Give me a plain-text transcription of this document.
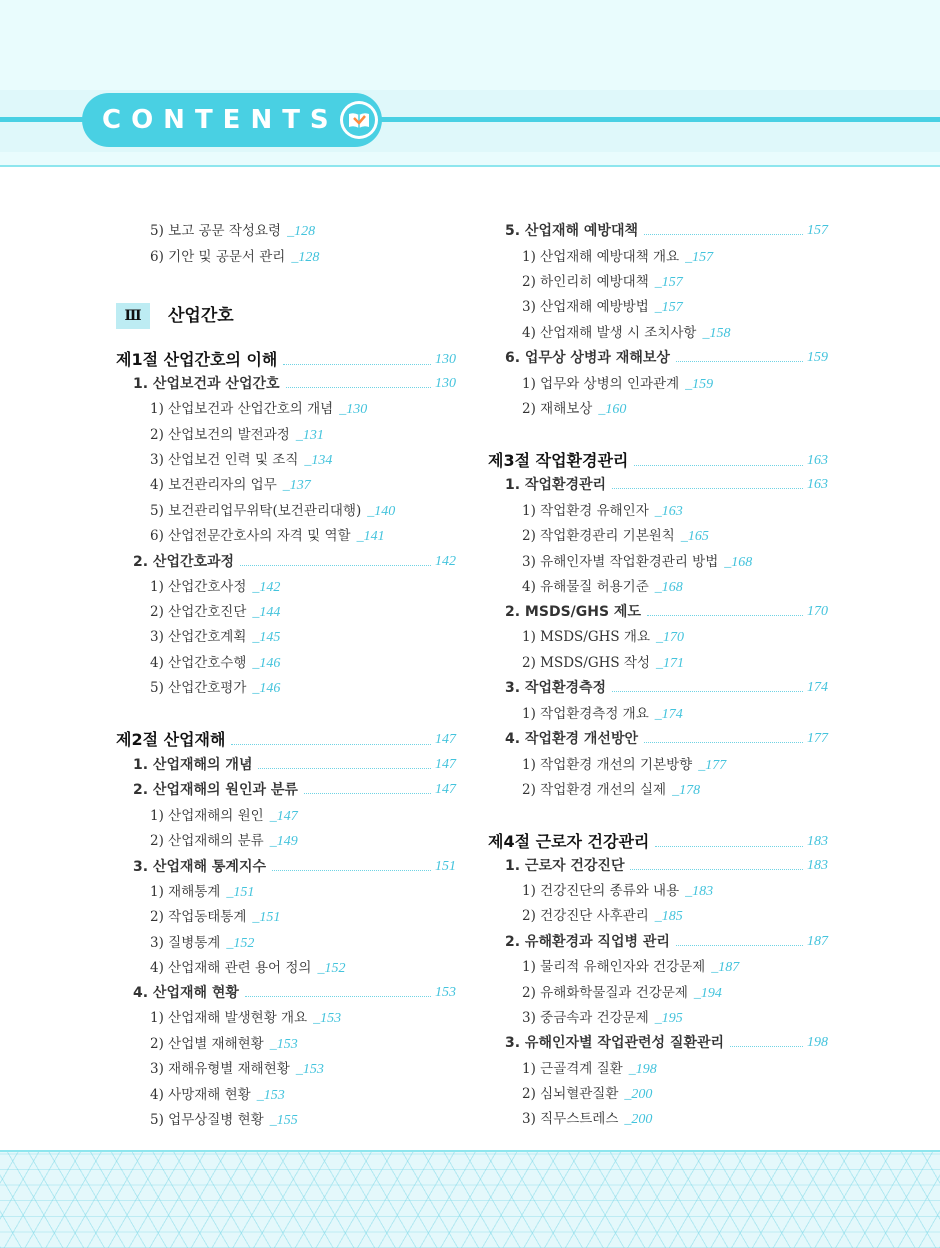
CONTENTS
5) 보고 공문 작성요령 _128
6) 기안 및 공문서 관리 _128
Ⅲ	산업간호
제1절 산업간호의 이해	130
1. 산업보건과 산업간호	130
1) 산업보건과 산업간호의 개념 _130
2) 산업보건의 발전과정 _131
3) 산업보건 인력 및 조직 _134
4) 보건관리자의 업무 _137
5) 보건관리업무위탁(보건관리대행) _140
6) 산업전문간호사의 자격 및 역할 _141
2. 산업간호과정	142
1) 산업간호사정 _142
2) 산업간호진단 _144
3) 산업간호계획 _145
4) 산업간호수행 _146
5) 산업간호평가 _146
제2절 산업재해	147
1. 산업재해의 개념	147
2. 산업재해의 원인과 분류	147
1) 산업재해의 원인 _147
2) 산업재해의 분류 _149
3. 산업재해 통계지수	151
1) 재해통계 _151
2) 작업동태통계 _151
3) 질병통계 _152
4) 산업재해 관련 용어 정의 _152
4. 산업재해 현황	153
1) 산업재해 발생현황 개요 _153
2) 산업별 재해현황 _153
3) 재해유형별 재해현황 _153
4) 사망재해 현황 _153
5) 업무상질병 현황 _155
5. 산업재해 예방대책	157
1) 산업재해 예방대책 개요 _157
2) 하인리히 예방대책 _157
3) 산업재해 예방방법 _157
4) 산업재해 발생 시 조치사항 _158
6. 업무상 상병과 재해보상	159
1) 업무와 상병의 인과관계 _159
2) 재해보상 _160
제3절 작업환경관리	163
1. 작업환경관리	163
1) 작업환경 유해인자 _163
2) 작업환경관리 기본원칙 _165
3) 유해인자별 작업환경관리 방법 _168
4) 유해물질 허용기준 _168
2. MSDS/GHS 제도	170
1) MSDS/GHS 개요 _170
2) MSDS/GHS 작성 _171
3. 작업환경측정	174
1) 작업환경측정 개요 _174
4. 작업환경 개선방안	177
1) 작업환경 개선의 기본방향 _177
2) 작업환경 개선의 실제 _178
제4절 근로자 건강관리	183
1. 근로자 건강진단	183
1) 건강진단의 종류와 내용 _183
2) 건강진단 사후관리 _185
2. 유해환경과 직업병 관리	187
1) 물리적 유해인자와 건강문제 _187
2) 유해화학물질과 건강문제 _194
3) 중금속과 건강문제 _195
3. 유해인자별 작업관련성 질환관리	198
1) 근골격계 질환 _198
2) 심뇌혈관질환 _200
3) 직무스트레스 _200
